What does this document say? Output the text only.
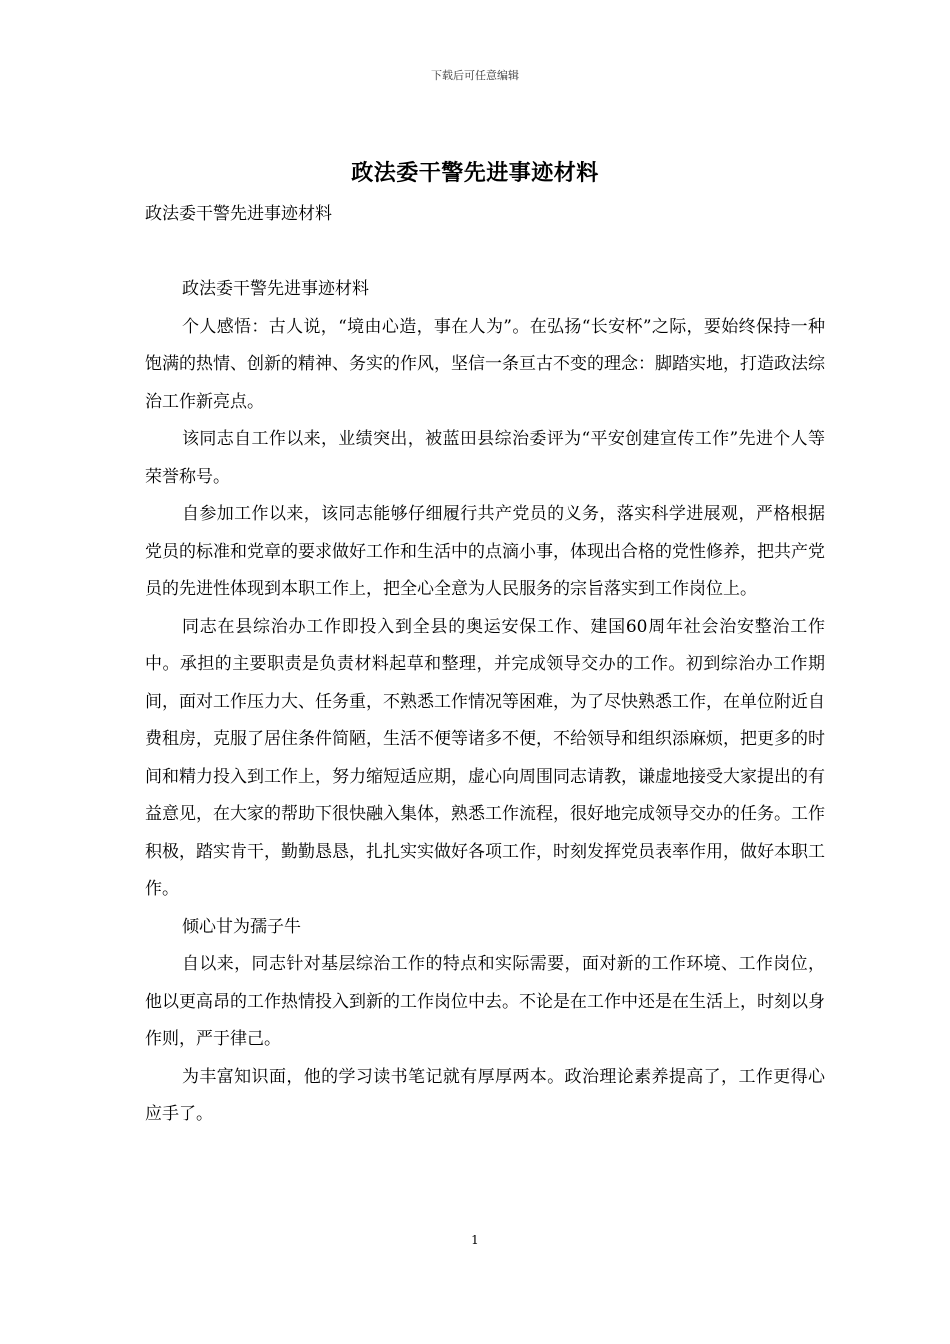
下载后可任意编辑
政法委干警先进事迹材料

政法委干警先进事迹材料

政法委干警先进事迹材料

个人感悟：古人说，“境由心造，事在人为”。在弘扬“长安杯”之际，要始终保持一种饱满的热情、创新的精神、务实的作风，坚信一条亘古不变的理念：脚踏实地，打造政法综治工作新亮点。

该同志自工作以来，业绩突出，被蓝田县综治委评为“平安创建宣传工作”先进个人等荣誉称号。

自参加工作以来，该同志能够仔细履行共产党员的义务，落实科学进展观，严格根据党员的标准和党章的要求做好工作和生活中的点滴小事，体现出合格的党性修养，把共产党员的先进性体现到本职工作上，把全心全意为人民服务的宗旨落实到工作岗位上。

同志在县综治办工作即投入到全县的奥运安保工作、建国60周年社会治安整治工作中。承担的主要职责是负责材料起草和整理，并完成领导交办的工作。初到综治办工作期间，面对工作压力大、任务重，不熟悉工作情况等困难，为了尽快熟悉工作，在单位附近自费租房，克服了居住条件简陋，生活不便等诸多不便，不给领导和组织添麻烦，把更多的时间和精力投入到工作上，努力缩短适应期，虚心向周围同志请教，谦虚地接受大家提出的有益意见，在大家的帮助下很快融入集体，熟悉工作流程，很好地完成领导交办的任务。工作积极，踏实肯干，勤勤恳恳，扎扎实实做好各项工作，时刻发挥党员表率作用，做好本职工作。

倾心甘为孺子牛

自以来，同志针对基层综治工作的特点和实际需要，面对新的工作环境、工作岗位，他以更高昂的工作热情投入到新的工作岗位中去。不论是在工作中还是在生活上，时刻以身作则，严于律己。

为丰富知识面，他的学习读书笔记就有厚厚两本。政治理论素养提高了，工作更得心应手了。

1
